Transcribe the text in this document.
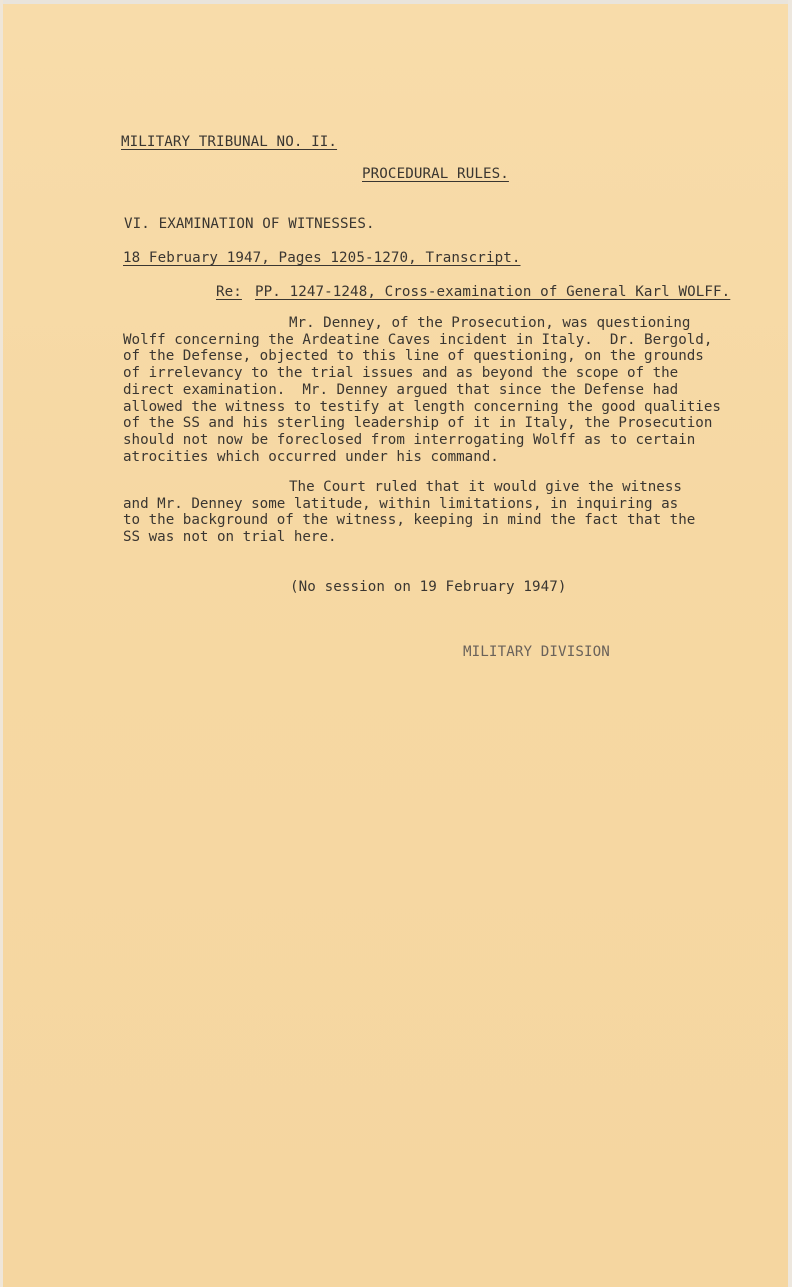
MILITARY TRIBUNAL NO. II.
PROCEDURAL RULES.
VI. EXAMINATION OF WITNESSES.
18 February 1947, Pages 1205-1270, Transcript.
Re: PP. 1247-1248, Cross-examination of General Karl WOLFF.
Mr. Denney, of the Prosecution, was questioning
Wolff concerning the Ardeatine Caves incident in Italy.  Dr. Bergold,
of the Defense, objected to this line of questioning, on the grounds
of irrelevancy to the trial issues and as beyond the scope of the
direct examination.  Mr. Denney argued that since the Defense had
allowed the witness to testify at length concerning the good qualities
of the SS and his sterling leadership of it in Italy, the Prosecution
should not now be foreclosed from interrogating Wolff as to certain
atrocities which occurred under his command.
The Court ruled that it would give the witness
and Mr. Denney some latitude, within limitations, in inquiring as
to the background of the witness, keeping in mind the fact that the
SS was not on trial here.
(No session on 19 February 1947)
MILITARY DIVISION
